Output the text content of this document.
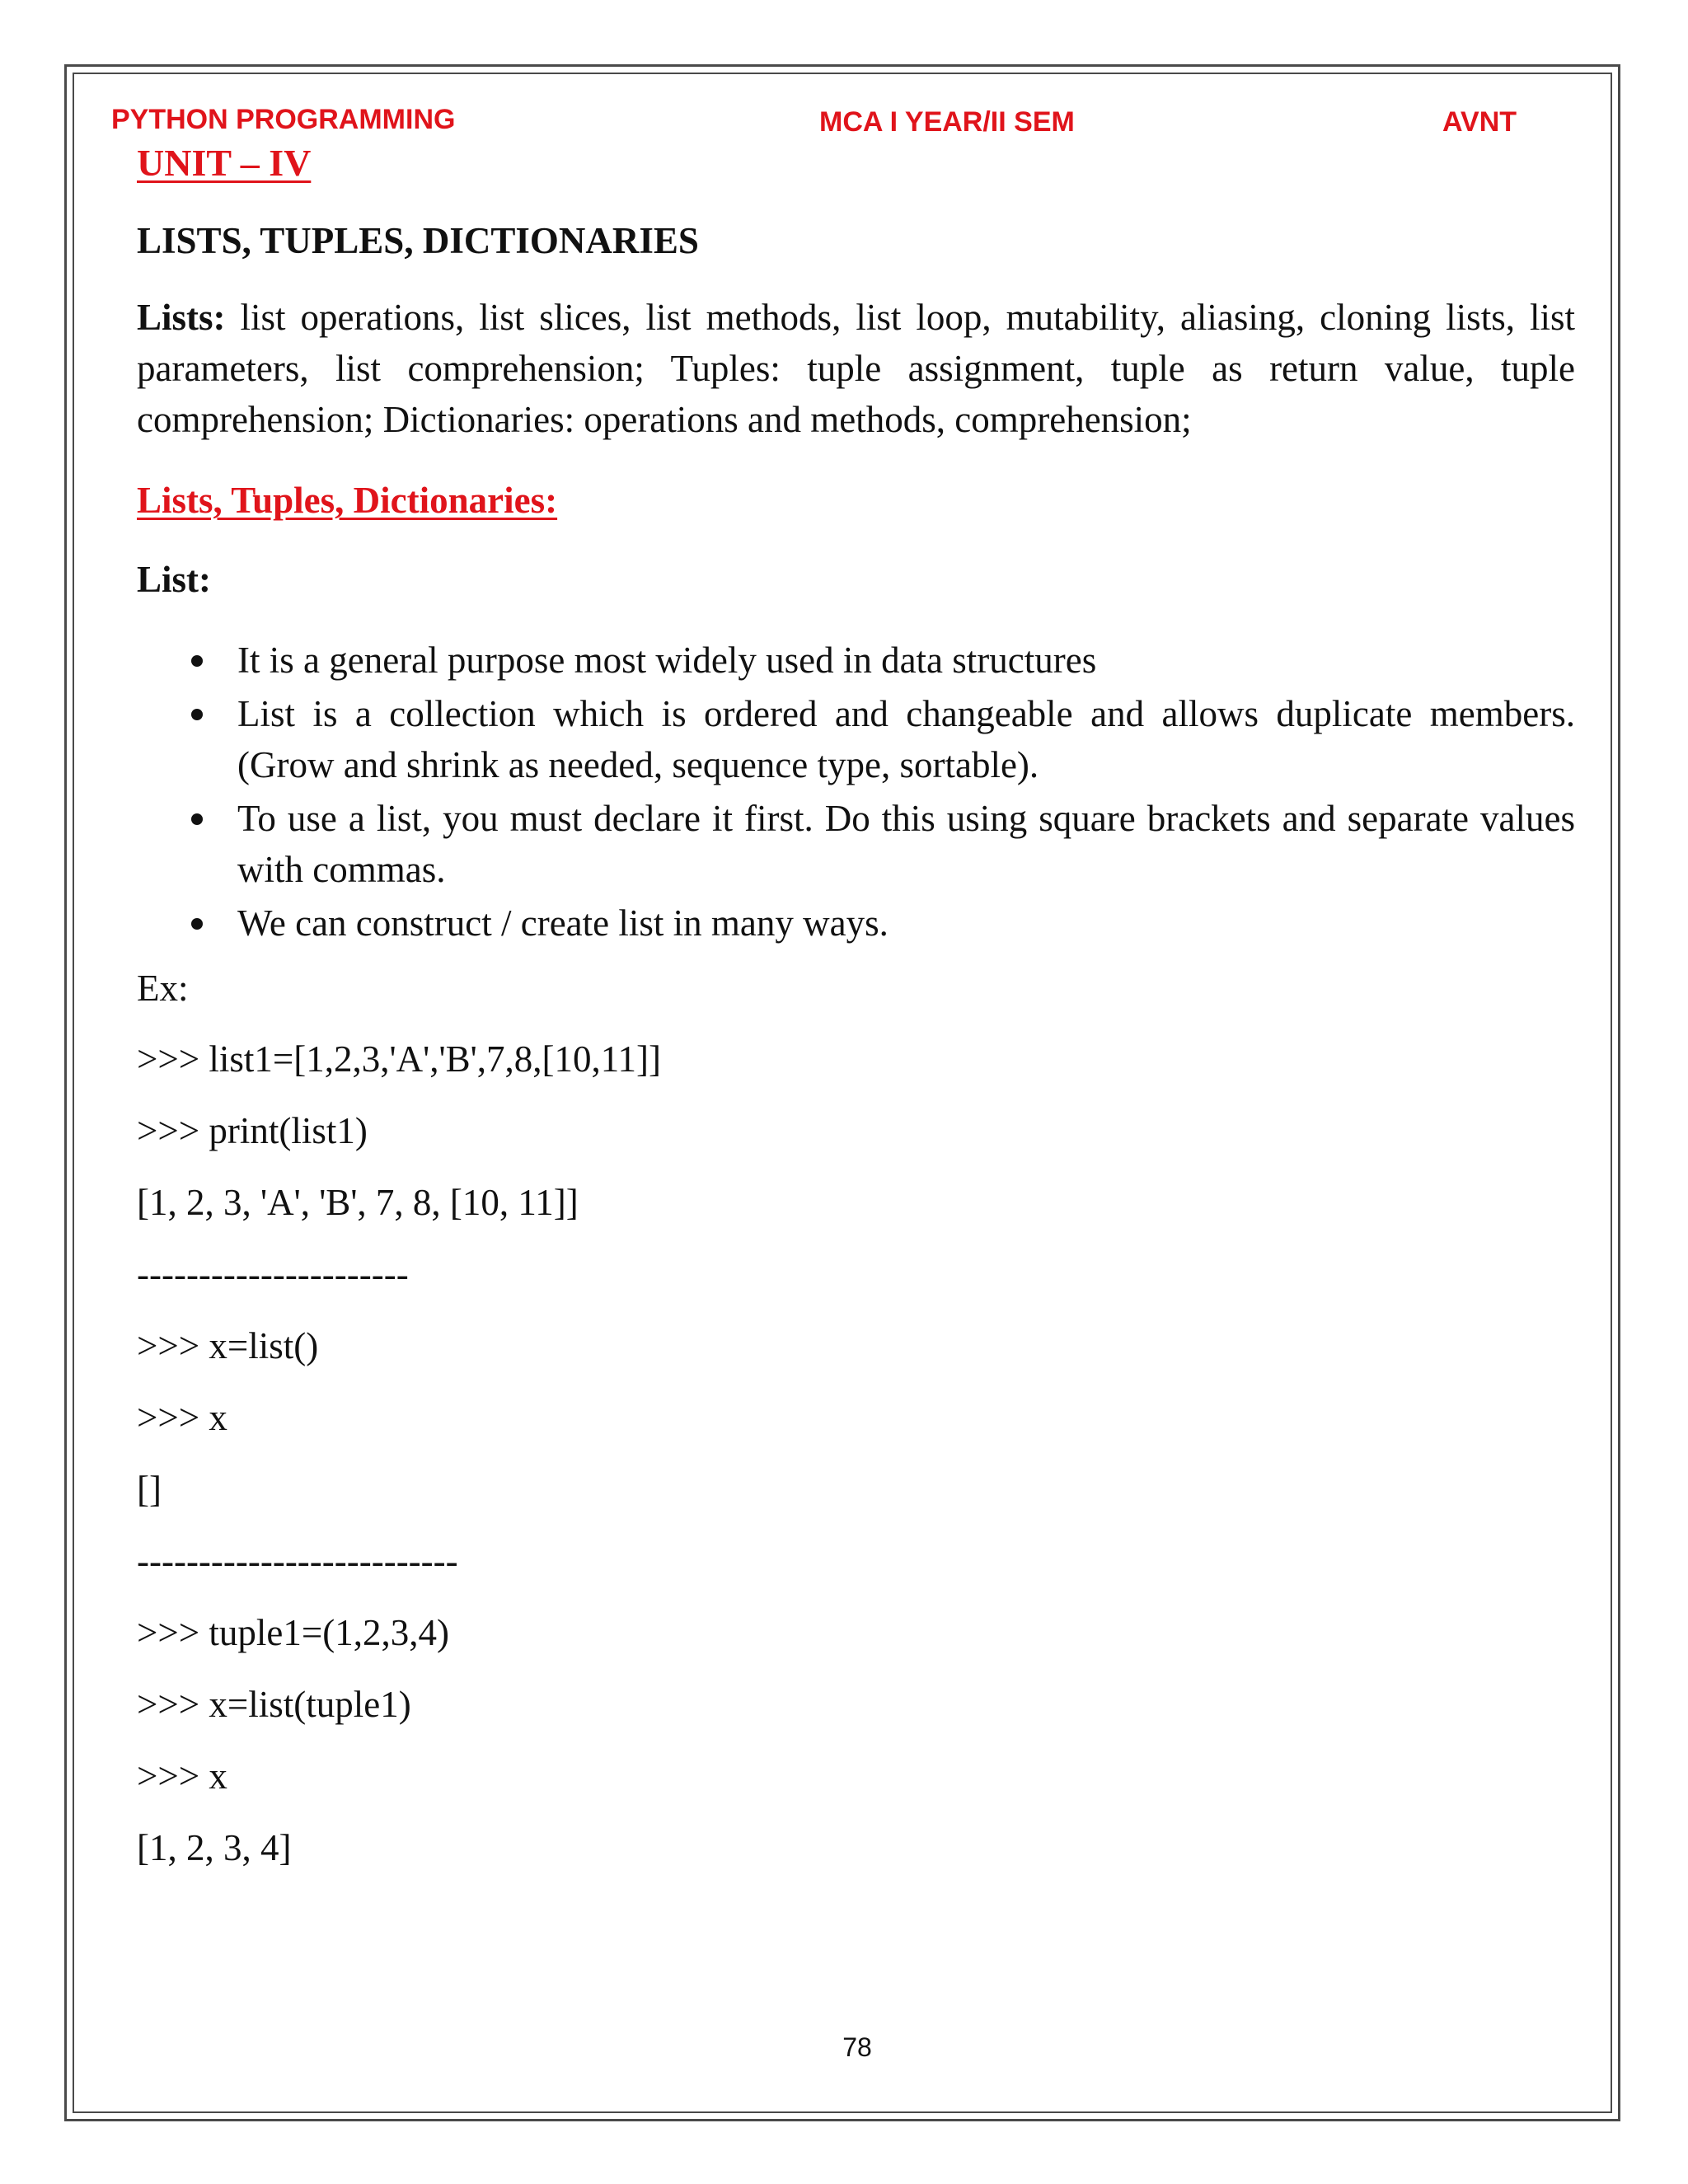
PYTHON PROGRAMMING	MCA I YEAR/II SEM	AVNT
UNIT – IV
LISTS, TUPLES, DICTIONARIES
Lists: list operations, list slices, list methods, list loop, mutability, aliasing, cloning lists, list parameters, list comprehension; Tuples: tuple assignment, tuple as return value, tuple comprehension; Dictionaries: operations and methods, comprehension;
Lists, Tuples, Dictionaries:
List:
It is a general purpose most widely used in data structures
List is a collection which is ordered and changeable and allows duplicate members. (Grow and shrink as needed, sequence type, sortable).
To use a list, you must declare it first. Do this using square brackets and separate values with commas.
We can construct / create list in many ways.
Ex:
>>> list1=[1,2,3,'A','B',7,8,[10,11]]
>>> print(list1)
[1, 2, 3, 'A', 'B', 7, 8, [10, 11]]
----------------------
>>> x=list()
>>> x
[]
--------------------------
>>> tuple1=(1,2,3,4)
>>> x=list(tuple1)
>>> x
[1, 2, 3, 4]
78
